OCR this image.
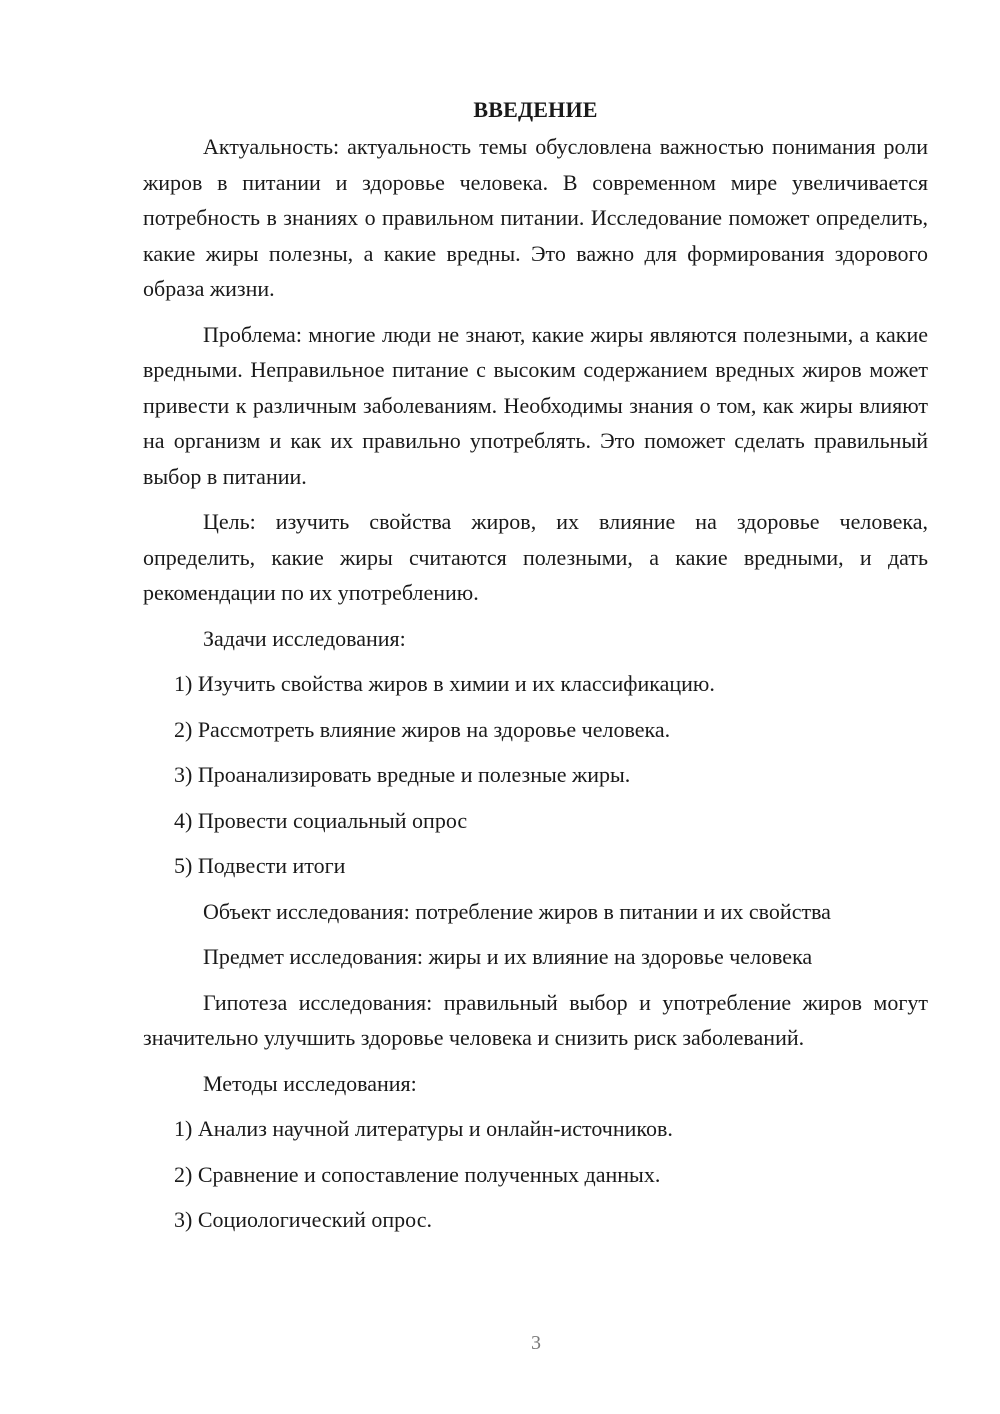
ВВЕДЕНИЕ

Актуальность: актуальность темы обусловлена важностью понимания роли жиров в питании и здоровье человека. В современном мире увеличивается потребность в знаниях о правильном питании. Исследование поможет определить, какие жиры полезны, а какие вредны. Это важно для формирования здорового образа жизни.

Проблема: многие люди не знают, какие жиры являются полезными, а какие вредными. Неправильное питание с высоким содержанием вредных жиров может привести к различным заболеваниям. Необходимы знания о том, как жиры влияют на организм и как их правильно употреблять. Это поможет сделать правильный выбор в питании.

Цель: изучить свойства жиров, их влияние на здоровье человека, определить, какие жиры считаются полезными, а какие вредными, и дать рекомендации по их употреблению.

Задачи исследования:
1) Изучить свойства жиров в химии и их классификацию.
2) Рассмотреть влияние жиров на здоровье человека.
3) Проанализировать вредные и полезные жиры.
4) Провести социальный опрос
5) Подвести итоги
Объект исследования: потребление жиров в питании и их свойства
Предмет исследования: жиры и их влияние на здоровье человека

Гипотеза исследования: правильный выбор и употребление жиров могут значительно улучшить здоровье человека и снизить риск заболеваний.

Методы исследования:
1) Анализ научной литературы и онлайн-источников.
2) Сравнение и сопоставление полученных данных.
3) Социологический опрос.
3
